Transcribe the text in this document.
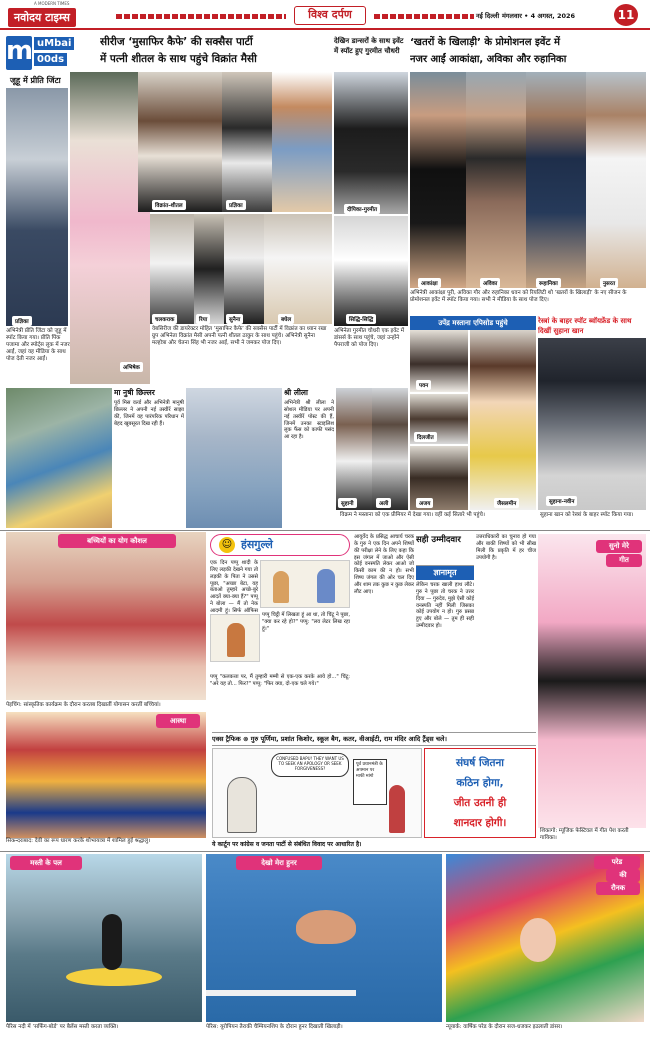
A MODERN TIMES
नवोदय टाइम्स	विश्व दर्पण	नई दिल्ली मंगलवार • 4 अगस्त, 2026	11
m uMbai
00ds
सीरीज ‘मुसाफिर कैफे’ की सक्सैस पार्टी
में पत्नी शीतल के साथ पहुंचे विक्रांत मैसी
जूहू में प्रीति जिंटा
प्रज्ञिका
अभिनेत्री प्रीति जिंटा को जूहू में स्पॉट किया गया। प्रीति पिंक पजामा और स्पोर्ट्स लुक में नजर आईं, जहां वह मीडिया के साथ पोज देती नजर आईं।
अभिषेक
विक्रांत-शीतल	प्रज्ञिका
चलकराक	रिया	सुनैना	बघेल
वेबसिरीज की डायरेक्टर मोहित ‘मुसाफिर कैफे’ की सक्सैस पार्टी में विक्रांत का ध्यान रखा ग्रुप अभिनेता विक्रांत मैसी अपनी पत्नी शीतल ठाकुर के साथ पहुंचे। अभिनेत्री सुनैना मल्होत्रा और चेतना सिंह भी नजर आईं, सभी ने जमकर पोज दिए।
देखिन डान्सरों के साथ इवेंट में स्पॉट हुए गुरमीत चौधरी
दीपिका-गुरमीत
सिद्धि-सिद्धि
अभिनेता गुरमीत चौधरी एक इवेंट में डांसर्स के साथ पहुंचे, जहां उन्होंने पैपराजी को पोज दिए।
‘खतरों के खिलाड़ी’ के प्रोमोशनल इवेंट में
नजर आईं आकांक्षा, अविका और रुहानिका
आकांक्षा	अविका	रूहानिका	नुसरत
अभिनेत्री आकांक्षा पुरी, अविका गौर और रुहानिका धवन को रियलिटी शो ‘खतरों के खिलाड़ी’ के नए सीजन के प्रोमोशनल इवेंट में स्पॉट किया गया। सभी ने मीडिया के साथ पोज दिए।
उपेंद्र मस्ताना एपिसोड पहुंचे
पवन
दिलजीत
अजय	जैसलमीन
विक्रम ने मस्ताना को एक प्रीमियर में देखा गया। वहीं कई सितारे भी पहुंचे।
रेस्त्रां के बाहर स्पॉट ब्वॉयफ्रेंड के साथ दिखीं सुहाना खान
सुहाना-नवीन
सुहाना खान को रेस्त्रां के बाहर स्पॉट किया गया।
मा नुषी छिल्लर
पूर्व मिस वर्ल्ड और अभिनेत्री मानुषी छिल्लर ने अपनी नई तस्वीरें साझा कीं, जिनमें वह पारंपरिक परिधान में बेहद खूबसूरत दिख रही हैं।
श्री लीला
अभिनेत्री श्री लीला ने सोशल मीडिया पर अपनी नई तस्वीरें पोस्ट की हैं, जिनमें उनका स्टाइलिश लुक फैंस को काफी पसंद आ रहा है।
सुहानी	अली
बच्चियों का योग कौशल
पेइचिंग: सांस्कृतिक कार्यक्रम के दौरान करतब दिखातीं योगासन करतीं बच्चियां।
आस्था
सिकन्दराबाद: देवी का रूप धारण करके शोभायात्रा में शामिल हुई श्रद्धालु।
☺ हंसगुल्ले
एक दिन पप्पू शादी के लिए लड़की देखने गया तो लड़की के पिता ने उससे पूछा, "अच्छा बेटा, यह बताओ तुम्हारे अच्छे-बुरे आदतें क्या-क्या हैं?" पप्पू ने बोला — मैं तो नेक आदमी हूं। सिर्फ ऑफिस
पप्पू चिट्ठी में लिखता हूं आ था, तो चिंटू ने पूछा, "क्या कर रहे हो?" पप्पू: "लव लेटर लिख रहा हूं।"
पप्पू "कलकत्ता पर, मैं तुम्हारी मम्मी से एक-एक करके आये हो..." चिंटू: "अरे यह तो... फिर?" पप्पू: "फिर क्या, दो-एक चले गये।"
आयुर्वेद के प्रसिद्ध आचार्य चरक के गुरु ने एक दिन अपने शिष्यों की परीक्षा लेने के लिए कहा कि इस जंगल में जाओ और ऐसी कोई वनस्पति लेकर आओ जो किसी काम की न हो। सभी शिष्य जंगल की ओर चल दिए और शाम तक कुछ न कुछ लेकर लौट आए।
सही उम्मीदवार
ज्ञानामृत
लेकिन चरक खाली हाथ लौटे। गुरु ने पूछा तो चरक ने उत्तर दिया — गुरुदेव, मुझे ऐसी कोई वनस्पति नहीं मिली जिसका कोई उपयोग न हो। गुरु प्रसन्न हुए और बोले — तुम ही सही उम्मीदवार हो।
उत्तराधिकारी का चुनाव हो गया और बाकी शिष्यों को भी सीख मिली कि प्रकृति में हर चीज उपयोगी है।
सुनो मेरे
गीत
शिकागो: म्यूजिक फेस्टिवल में गीत पेश करती गायिका।
एक्स ट्रैफिक ⊗ गुरु पूर्णिमा, प्रशांत किशोर, स्कूल बैग, कतर, वीआईटी, राम मंदिर आदि ट्रैंड्स चले।
CONFUSED BAPU! THEY WANT US TO SEEK AN APOLOGY OR SEEK FORGIVENESS?
पूर्व प्रधानमंत्री के अपमान पर माफी मांगो
ये कार्टून पर कांग्रेस व जनता पार्टी से संबंधित विवाद पर आधारित है।
संघर्ष जितना
कठिन होगा,
जीत उतनी ही
शानदार होगी।
मस्ती के पल
पैरिस नदी में ‘सर्फिंग-बोर्ड’ पर बैलेंस मस्ती करता व्यक्ति।
देखो मेरा हुनर
पेरिस: यूरोपियन तैराकी चैम्पियनशिप के दौरान हुनर दिखाती खिलाड़ी।
परेड
की
रौनक
न्यूयार्क: वार्षिक परेड के दौरान सज-धजकर इठलाती डांसर।
